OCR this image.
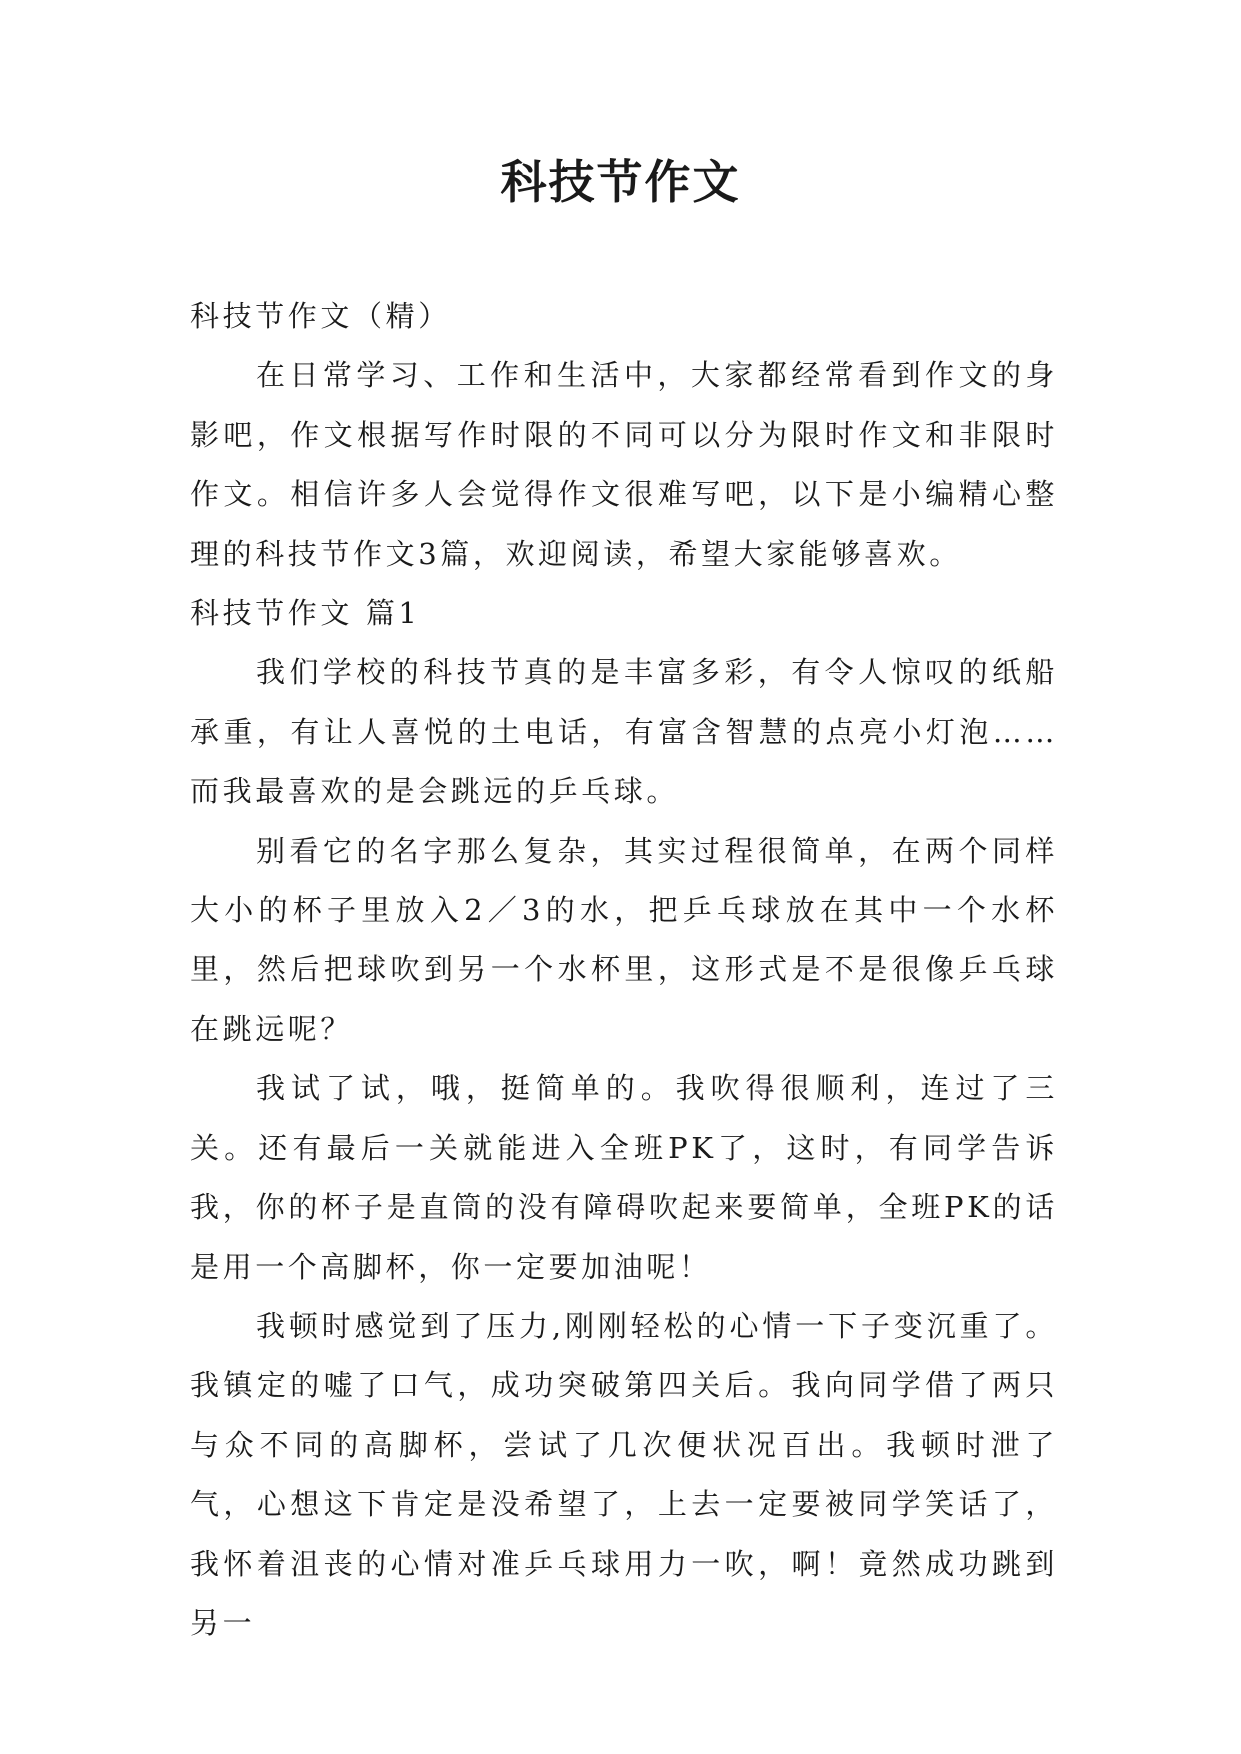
科技节作文

科技节作文（精）

在日常学习、工作和生活中，大家都经常看到作文的身影吧，作文根据写作时限的不同可以分为限时作文和非限时作文。相信许多人会觉得作文很难写吧，以下是小编精心整理的科技节作文3篇，欢迎阅读，希望大家能够喜欢。

科技节作文 篇1

我们学校的科技节真的是丰富多彩，有令人惊叹的纸船承重，有让人喜悦的土电话，有富含智慧的点亮小灯泡……而我最喜欢的是会跳远的乒乓球。

别看它的名字那么复杂，其实过程很简单，在两个同样大小的杯子里放入2／3的水，把乒乓球放在其中一个水杯里，然后把球吹到另一个水杯里，这形式是不是很像乒乓球在跳远呢？

我试了试，哦，挺简单的。我吹得很顺利，连过了三关。还有最后一关就能进入全班PK了，这时，有同学告诉我，你的杯子是直筒的没有障碍吹起来要简单，全班PK的话是用一个高脚杯，你一定要加油呢！

我顿时感觉到了压力,刚刚轻松的心情一下子变沉重了。我镇定的嘘了口气，成功突破第四关后。我向同学借了两只与众不同的高脚杯，尝试了几次便状况百出。我顿时泄了气，心想这下肯定是没希望了，上去一定要被同学笑话了，我怀着沮丧的心情对准乒乓球用力一吹，啊！竟然成功跳到另一
